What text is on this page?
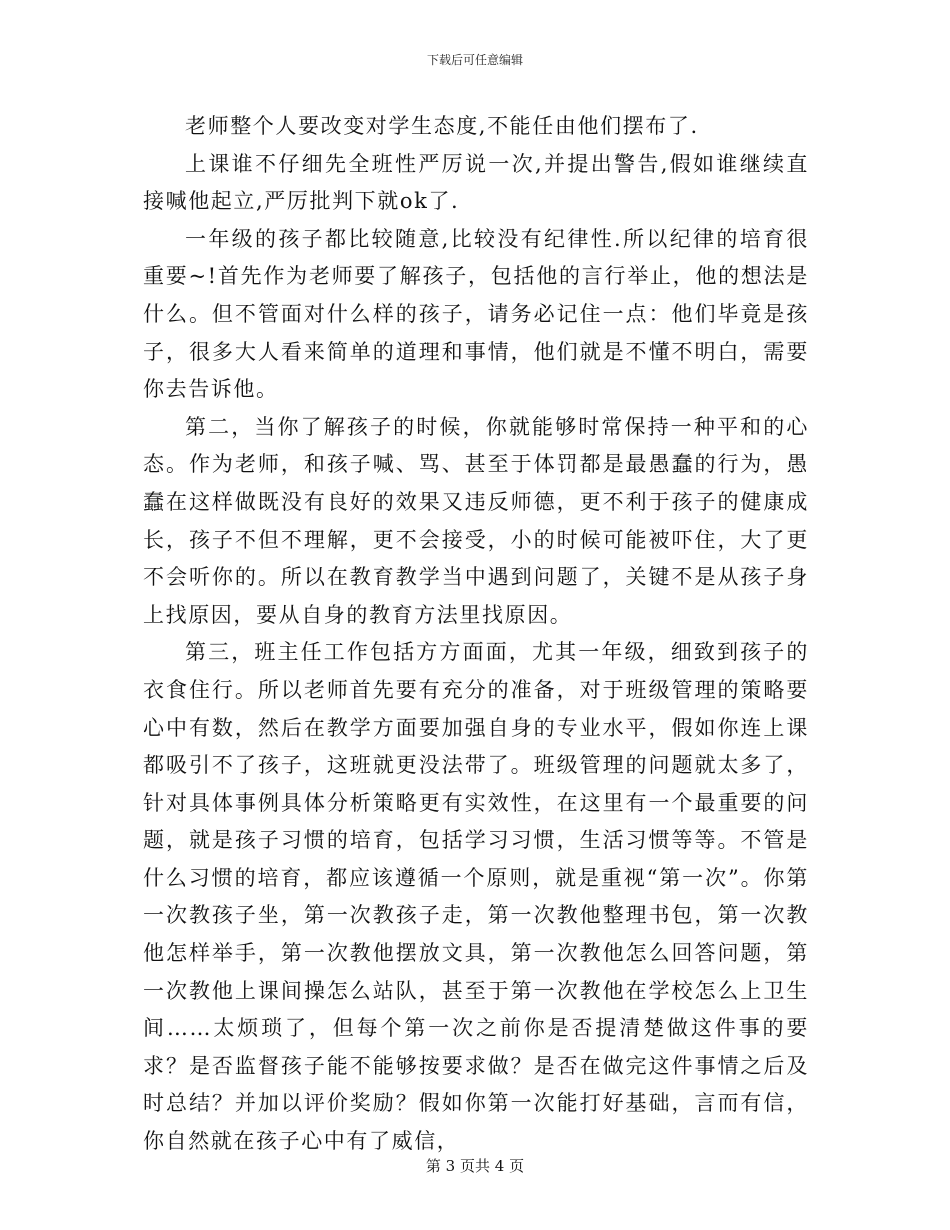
下载后可任意编辑

老师整个人要改变对学生态度,不能任由他们摆布了.

上课谁不仔细先全班性严厉说一次,并提出警告,假如谁继续直接喊他起立,严厉批判下就ok了.

一年级的孩子都比较随意,比较没有纪律性.所以纪律的培育很重要~!首先作为老师要了解孩子，包括他的言行举止，他的想法是什么。但不管面对什么样的孩子，请务必记住一点：他们毕竟是孩子，很多大人看来简单的道理和事情，他们就是不懂不明白，需要你去告诉他。

第二，当你了解孩子的时候，你就能够时常保持一种平和的心态。作为老师，和孩子喊、骂、甚至于体罚都是最愚蠢的行为，愚蠢在这样做既没有良好的效果又违反师德，更不利于孩子的健康成长，孩子不但不理解，更不会接受，小的时候可能被吓住，大了更不会听你的。所以在教育教学当中遇到问题了，关键不是从孩子身上找原因，要从自身的教育方法里找原因。

第三，班主任工作包括方方面面，尤其一年级，细致到孩子的衣食住行。所以老师首先要有充分的准备，对于班级管理的策略要心中有数，然后在教学方面要加强自身的专业水平，假如你连上课都吸引不了孩子，这班就更没法带了。班级管理的问题就太多了，针对具体事例具体分析策略更有实效性，在这里有一个最重要的问题，就是孩子习惯的培育，包括学习习惯，生活习惯等等。不管是什么习惯的培育，都应该遵循一个原则，就是重视“第一次”。你第一次教孩子坐，第一次教孩子走，第一次教他整理书包，第一次教他怎样举手，第一次教他摆放文具，第一次教他怎么回答问题，第一次教他上课间操怎么站队，甚至于第一次教他在学校怎么上卫生间……太烦琐了，但每个第一次之前你是否提清楚做这件事的要求？是否监督孩子能不能够按要求做？是否在做完这件事情之后及时总结？并加以评价奖励？假如你第一次能打好基础，言而有信，你自然就在孩子心中有了威信，

第 3 页共 4 页
